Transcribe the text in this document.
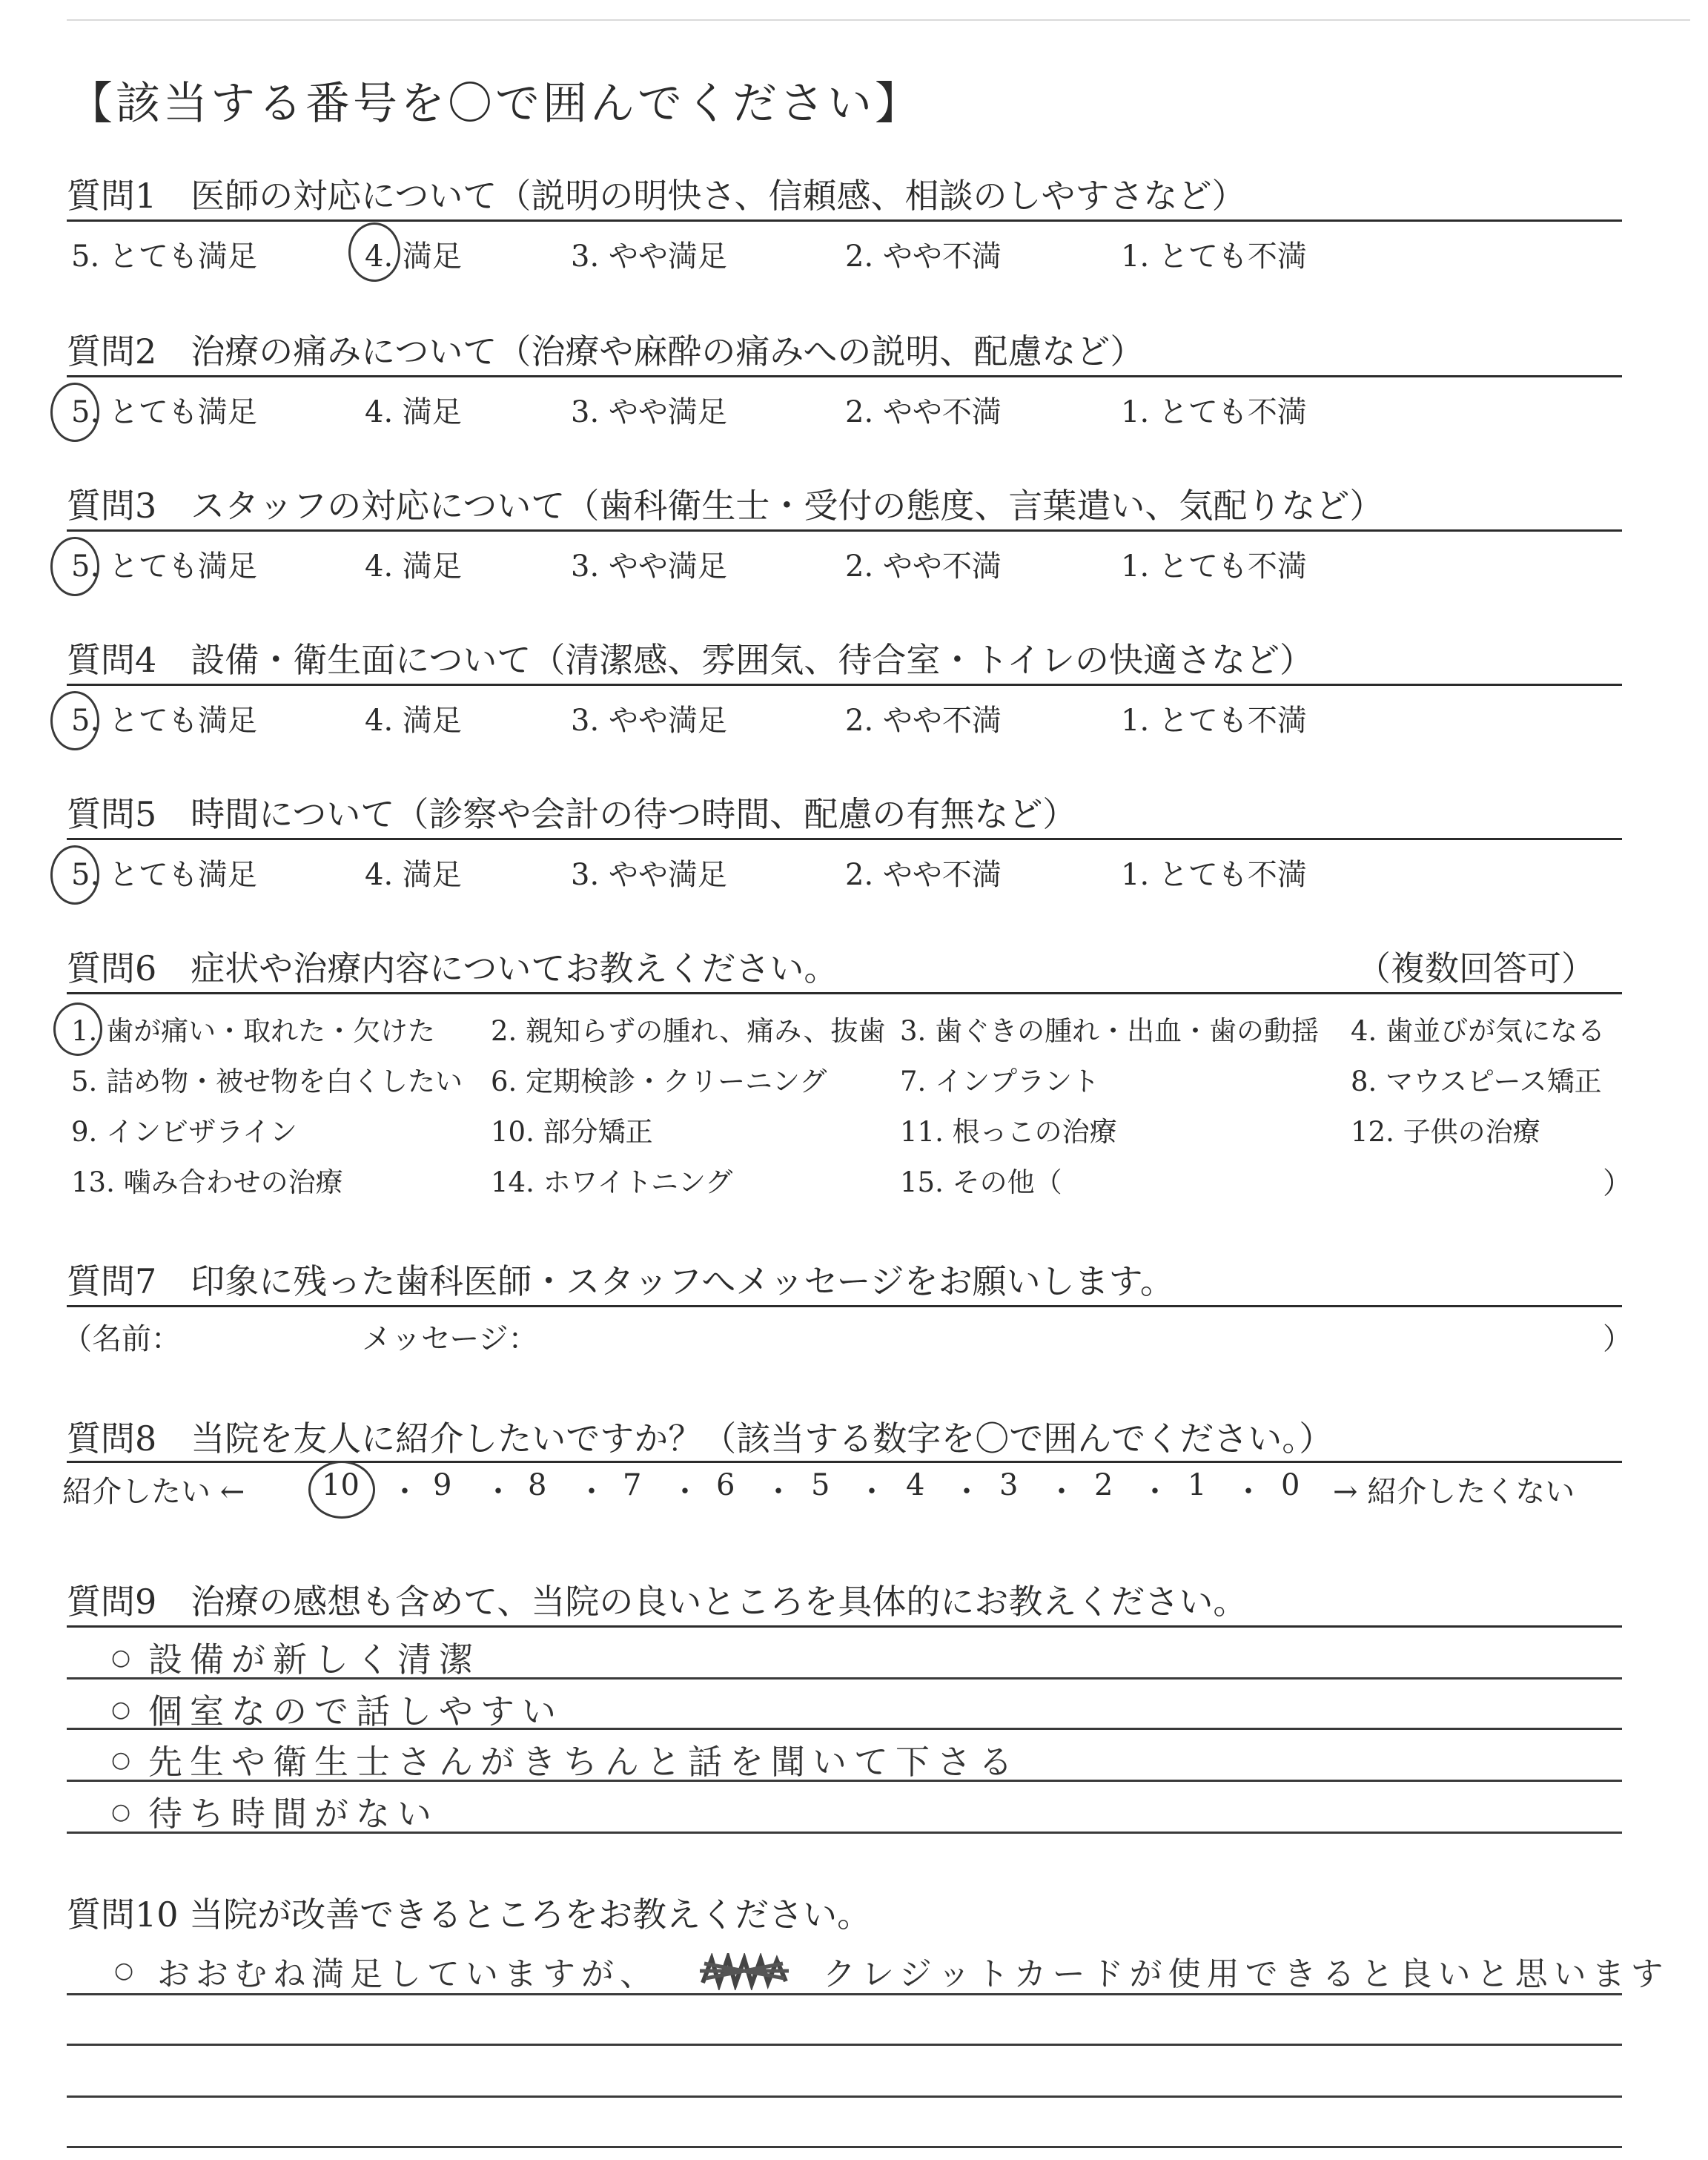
【該当する番号を〇で囲んでください】
質問1　医師の対応について（説明の明快さ、信頼感、相談のしやすさなど）
5. とても満足	4. 満足	3. やや満足	2. やや不満	1. とても不満
質問2　治療の痛みについて（治療や麻酔の痛みへの説明、配慮など）
5. とても満足	4. 満足	3. やや満足	2. やや不満	1. とても不満
質問3　スタッフの対応について（歯科衛生士・受付の態度、言葉遣い、気配りなど）
5. とても満足	4. 満足	3. やや満足	2. やや不満	1. とても不満
質問4　設備・衛生面について（清潔感、雰囲気、待合室・トイレの快適さなど）
5. とても満足	4. 満足	3. やや満足	2. やや不満	1. とても不満
質問5　時間について（診察や会計の待つ時間、配慮の有無など）
5. とても満足	4. 満足	3. やや満足	2. やや不満	1. とても不満
質問6　症状や治療内容についてお教えください。	（複数回答可）
1. 歯が痛い・取れた・欠けた 2. 親知らずの腫れ、痛み、抜歯 3. 歯ぐきの腫れ・出血・歯の動揺 4. 歯並びが気になる
5. 詰め物・被せ物を白くしたい 6. 定期検診・クリーニング	7. インプラント	8. マウスピース矯正
9. インビザライン	10. 部分矯正	11. 根っこの治療	12. 子供の治療
13. 噛み合わせの治療	14. ホワイトニング	15. その他（	）
質問7　印象に残った歯科医師・スタッフへメッセージをお願いします。
（名前：	メッセージ：	）
質問8　当院を友人に紹介したいですか？（該当する数字を〇で囲んでください。）
紹介したい ←	10 ・ 9 ・ 8 ・ 7 ・ 6 ・ 5 ・ 4 ・ 3 ・ 2 ・ 1 ・ 0 → 紹介したくない
質問9　治療の感想も含めて、当院の良いところを具体的にお教えください。
○ 設備が新しく清潔
○ 個室なので話しやすい
○ 先生や衛生士さんがきちんと話を聞いて下さる
○ 待ち時間がない
質問10 当院が改善できるところをお教えください。
○ おおむね満足していますが、	クレジットカードが使用できると良いと思います
